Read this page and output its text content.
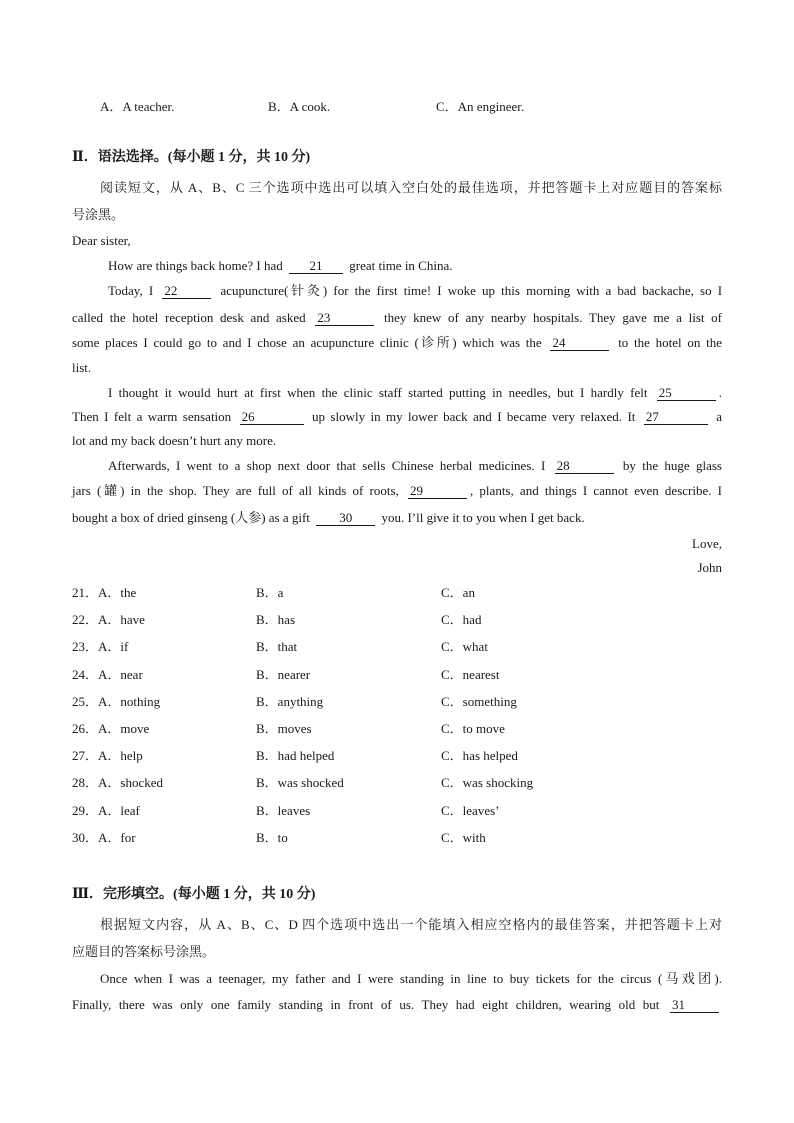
A．A teacher.	B．A cook.	C．An engineer.
Ⅱ．语法选择。(每小题 1 分，共 10 分)
阅读短文，从 A、B、C 三个选项中选出可以填入空白处的最佳选项，并把答题卡上对应题目的答案标
号涂黑。
Dear sister,
How are things back home? I had 21 great time in China.
Today, I 22	acupuncture(针灸) for the first time! I woke up this morning with a bad backache, so I
called the hotel reception desk and asked 23	they knew of any nearby hospitals. They gave me a list of
some places I could go to and I chose an acupuncture clinic (诊所) which was the 24	to the hotel on the
list.
I thought it would hurt at first when the clinic staff started putting in needles, but I hardly felt 25	.
Then I felt a warm sensation 26	up slowly in my lower back and I became very relaxed. It 27	a
lot and my back doesn’t hurt any more.
Afterwards, I went to a shop next door that sells Chinese herbal medicines. I 28	by the huge glass
jars (罐) in the shop. They are full of all kinds of roots, 29	, plants, and things I cannot even describe. I
bought a box of dried ginseng (人参) as a gift 30 you. I’ll give it to you when I get back.
Love,
John
21．A．the	B．a	C．an
22．A．have	B．has	C．had
23．A．if	B．that	C．what
24．A．near	B．nearer	C．nearest
25．A．nothing	B．anything	C．something
26．A．move	B．moves	C．to move
27．A．help	B．had helped	C．has helped
28．A．shocked	B．was shocked	C．was shocking
29．A．leaf	B．leaves	C．leaves’
30．A．for	B．to	C．with
Ⅲ．完形填空。(每小题 1 分，共 10 分)
根据短文内容，从 A、B、C、D 四个选项中选出一个能填入相应空格内的最佳答案，并把答题卡上对
应题目的答案标号涂黑。
Once when I was a teenager, my father and I were standing in line to buy tickets for the circus (马戏团).
Finally, there was only one family standing in front of us. They had eight children, wearing old but 31
